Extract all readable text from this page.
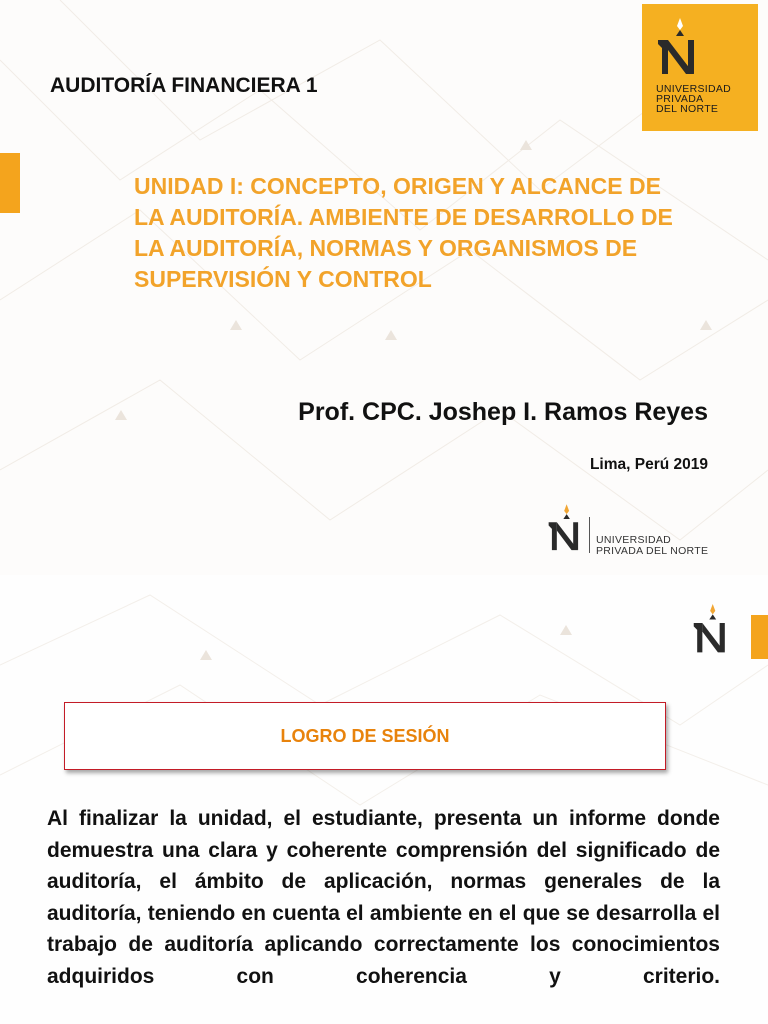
AUDITORÍA FINANCIERA 1	UNIVERSIDAD
PRIVADA
DEL NORTE
UNIDAD I: CONCEPTO, ORIGEN Y ALCANCE DE
LA AUDITORÍA. AMBIENTE DE DESARROLLO DE
LA AUDITORÍA, NORMAS Y ORGANISMOS DE
SUPERVISIÓN Y CONTROL
Prof. CPC. Joshep I. Ramos Reyes
Lima, Perú 2019
UNIVERSIDAD
PRIVADA DEL NORTE
LOGRO DE SESIÓN
Al finalizar la unidad, el estudiante, presenta un informe donde demuestra una clara y coherente comprensión del significado de auditoría, el ámbito de aplicación, normas generales de la auditoría, teniendo en cuenta el ambiente en el que se desarrolla el trabajo de auditoría aplicando correctamente los conocimientos adquiridos con coherencia y criterio.
